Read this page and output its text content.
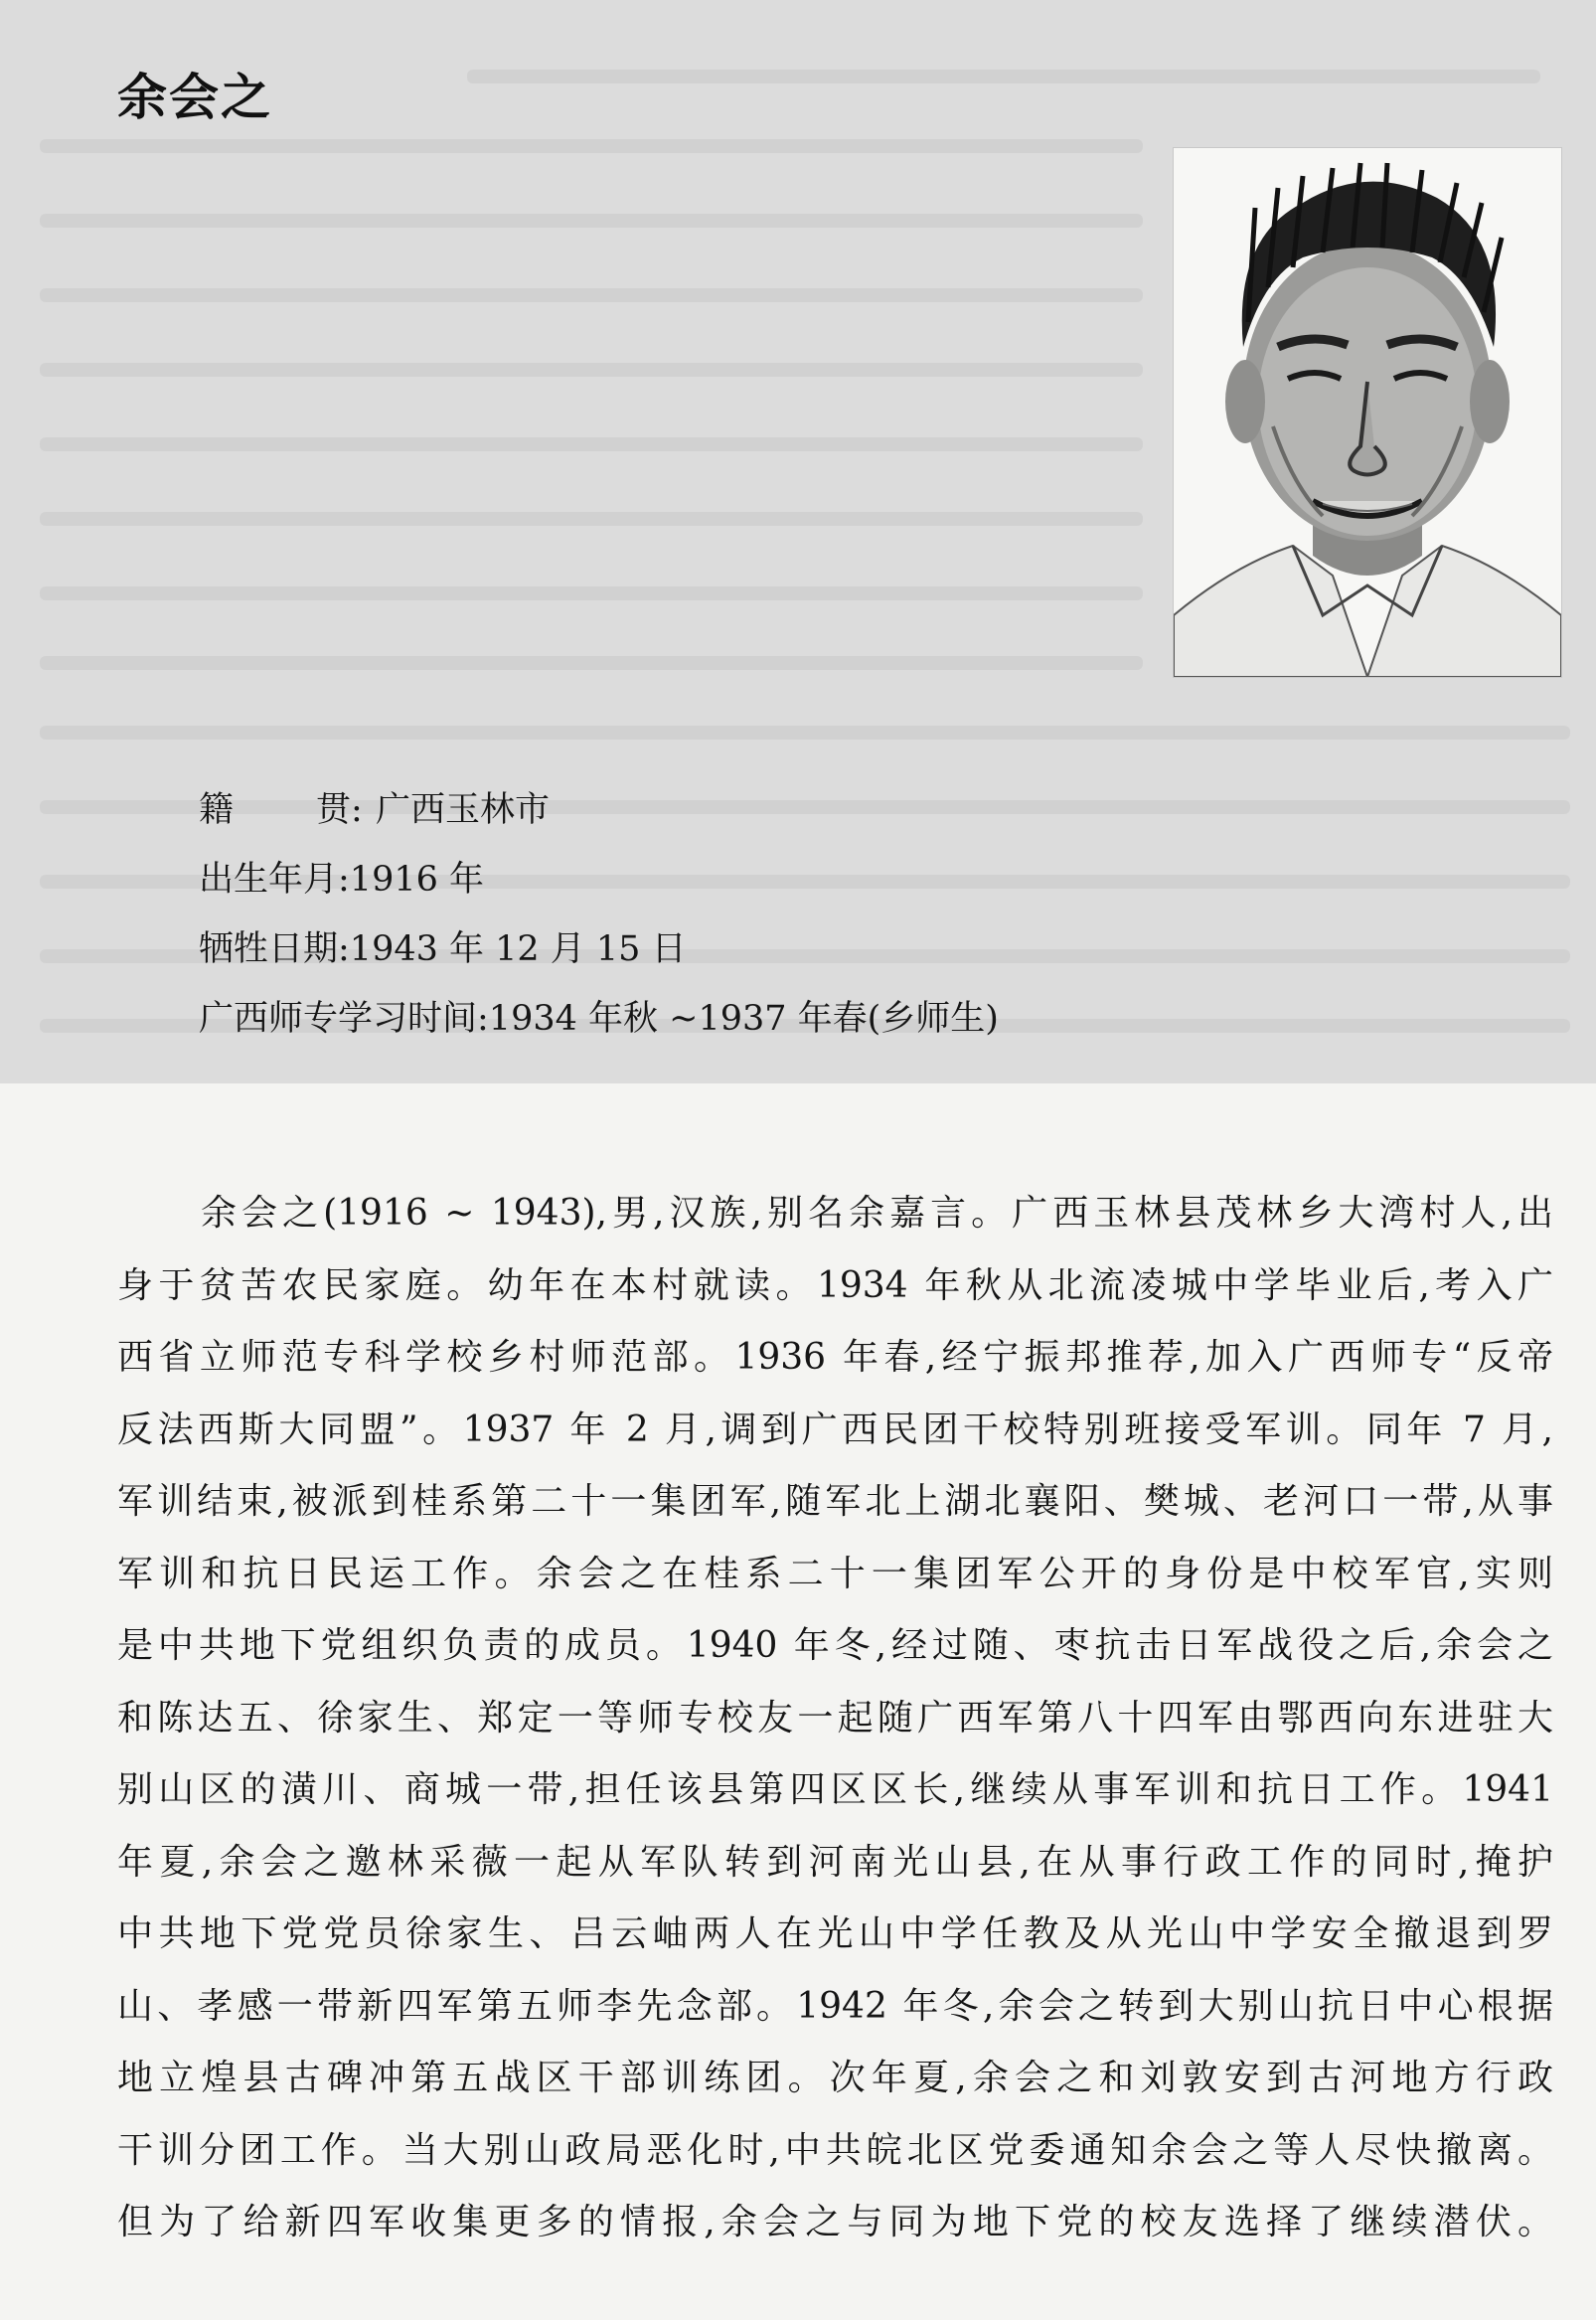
余会之
籍 贯: 广西玉林市
出生年月: 1916 年
牺牲日期: 1943 年 12 月 15 日
广西师专学习时间: 1934 年秋 ~1937 年春(乡师生)
余会之(1916 ~ 1943),男,汉族,别名余嘉言。广西玉林县茂林乡大湾村人,出
身于贫苦农民家庭。幼年在本村就读。1934 年秋从北流凌城中学毕业后,考入广
西省立师范专科学校乡村师范部。1936 年春,经宁振邦推荐,加入广西师专“反帝
反法西斯大同盟”。1937 年 2 月,调到广西民团干校特别班接受军训。同年 7 月,
军训结束,被派到桂系第二十一集团军,随军北上湖北襄阳、樊城、老河口一带,从事
军训和抗日民运工作。余会之在桂系二十一集团军公开的身份是中校军官,实则
是中共地下党组织负责的成员。1940 年冬,经过随、枣抗击日军战役之后,余会之
和陈达五、徐家生、郑定一等师专校友一起随广西军第八十四军由鄂西向东进驻大
别山区的潢川、商城一带,担任该县第四区区长,继续从事军训和抗日工作。1941
年夏,余会之邀林采薇一起从军队转到河南光山县,在从事行政工作的同时,掩护
中共地下党党员徐家生、吕云岫两人在光山中学任教及从光山中学安全撤退到罗
山、孝感一带新四军第五师李先念部。1942 年冬,余会之转到大别山抗日中心根据
地立煌县古碑冲第五战区干部训练团。次年夏,余会之和刘敦安到古河地方行政
干训分团工作。当大别山政局恶化时,中共皖北区党委通知余会之等人尽快撤离。
但为了给新四军收集更多的情报,余会之与同为地下党的校友选择了继续潜伏。
